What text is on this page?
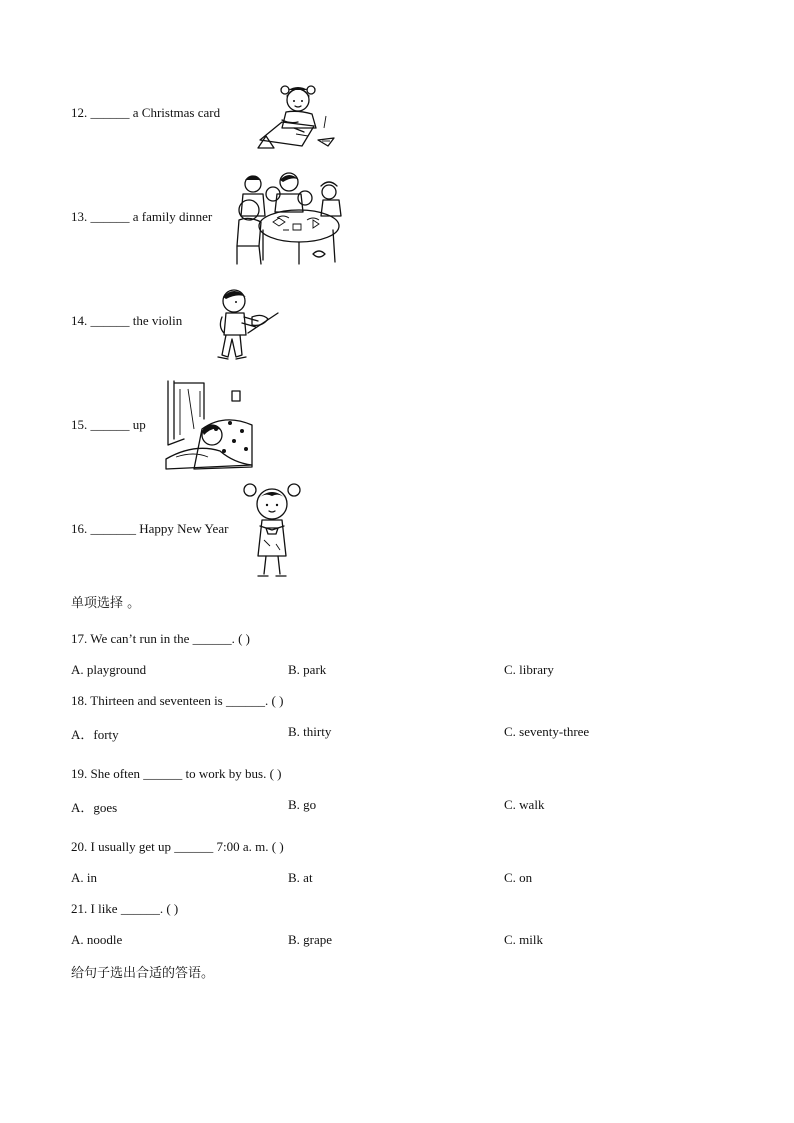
12. ______ a Christmas card
13. ______ a family dinner
14. ______ the violin
15. ______ up
16. _______ Happy New Year
单项选择 。
17. We can’t run in the ______. ( )
A. playground	B. park	C. library
18. Thirteen and seventeen is ______. ( )
A．forty	B. thirty	C. seventy-three
19. She often ______ to work by bus. ( )
A．goes	B. go	C. walk
20. I usually get up ______ 7:00 a. m. ( )
A. in	B. at	C. on
21. I like ______. ( )
A. noodle	B. grape	C. milk
给句子选出合适的答语。
